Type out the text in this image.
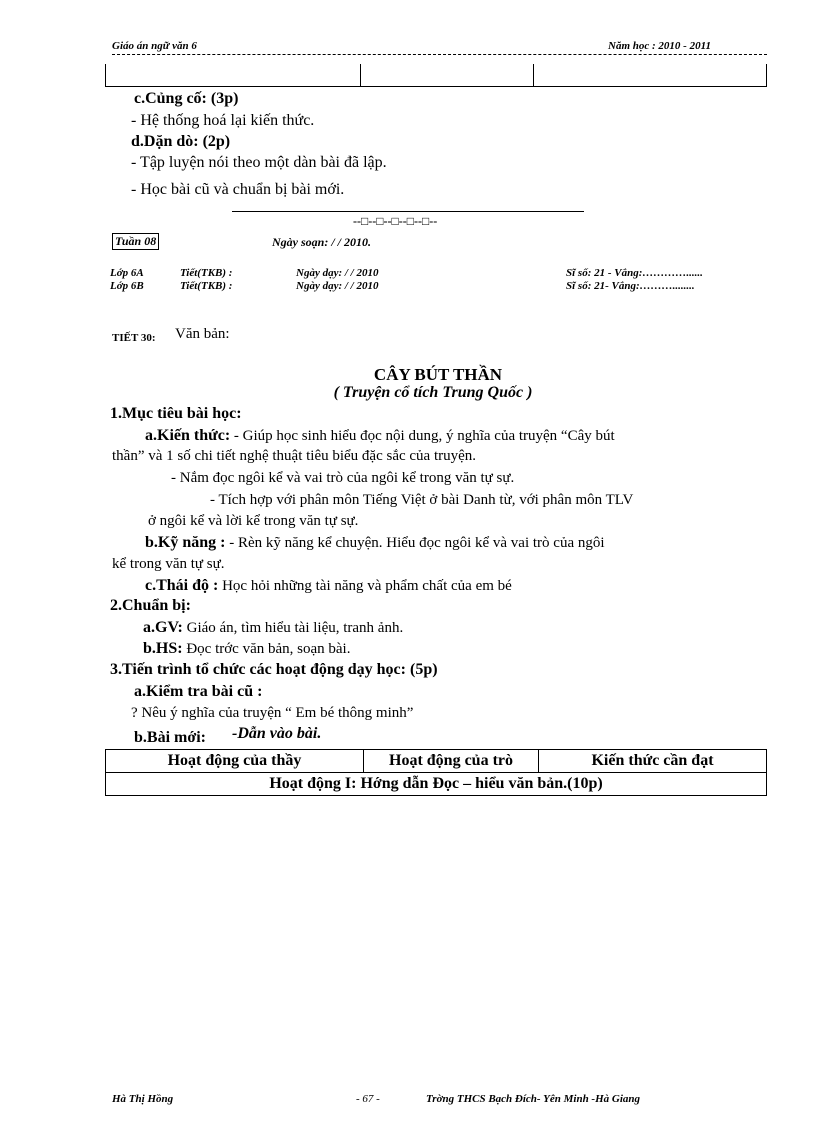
Giáo án ngữ văn 6	Năm học : 2010 - 2011
c.Củng cố: (3p)
- Hệ thống hoá lại kiến thức.
d.Dặn dò: (2p)
- Tập luyện nói theo một dàn bài đã lập.
- Học bài cũ và chuẩn bị bài mới.
--□--□--□--□--□--
Tuần 08	Ngày soạn: / / 2010.
Lớp 6A	Tiết(TKB) :	Ngày dạy: / / 2010	Sĩ số: 21 - Vắng:…………......
Lớp 6B	Tiết(TKB) :	Ngày dạy: / / 2010	Sĩ số: 21- Vắng:………........
TIẾT 30: Văn bản:
CÂY BÚT THẦN
( Truyện cổ tích Trung Quốc )
1.Mục tiêu bài học:
a.Kiến thức: - Giúp học sinh hiểu đọc nội dung, ý nghĩa của truyện “Cây bút
thần” và 1 số chi tiết nghệ thuật tiêu biểu đặc sắc của truyện.
- Nắm đọc ngôi kể và vai trò của ngôi kể trong văn tự sự.
- Tích hợp với phân môn Tiếng Việt ở bài Danh từ, với phân môn TLV
ở ngôi kể và lời kể trong văn tự sự.
b.Kỹ năng : - Rèn kỹ năng kể chuyện. Hiểu đọc ngôi kể và vai trò của ngôi
kể trong văn tự sự.
c.Thái độ : Học hỏi những tài năng và phẩm chất của em bé
2.Chuẩn bị:
a.GV: Giáo án, tìm hiểu tài liệu, tranh ảnh.
b.HS: Đọc trớc văn bản, soạn bài.
3.Tiến trình tổ chức các hoạt động dạy học: (5p)
a.Kiểm tra bài cũ :
? Nêu ý nghĩa của truyện “ Em bé thông minh”
b.Bài mới: -Dẫn vào bài.
Hoạt động của thầy	Hoạt động của trò	Kiến thức cần đạt
Hoạt động I: Hớng dẫn Đọc – hiểu văn bản.(10p)
Hà Thị Hồng	- 67 -	Trờng THCS Bạch Đích- Yên Minh -Hà Giang
